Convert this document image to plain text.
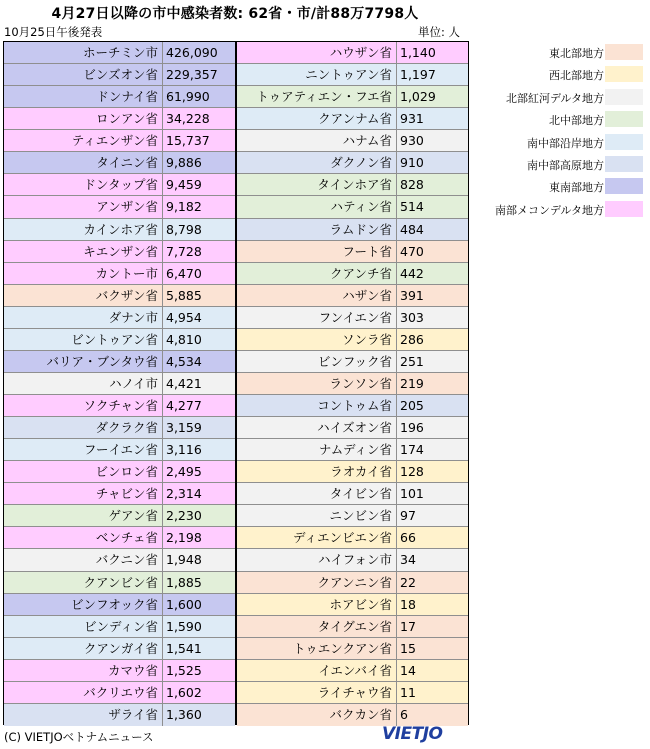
4月27日以降の市中感染者数: 62省・市/計88万7798人
10月25日午後発表	単位: 人
ホーチミン市 426,090
ビンズオン省 229,357
ドンナイ省 61,990
ロンアン省 34,228
ティエンザン省 15,737
タイニン省 9,886
ドンタップ省 9,459
アンザン省 9,182
カインホア省 8,798
キエンザン省 7,728
カントー市 6,470
バクザン省 5,885
ダナン市 4,954
ビントゥアン省 4,810
バリア・ブンタウ省 4,534
ハノイ市 4,421
ソクチャン省 4,277
ダクラク省 3,159
フーイエン省 3,116
ビンロン省 2,495
チャビン省 2,314
ゲアン省 2,230
ベンチェ省 2,198
バクニン省 1,948
クアンビン省 1,885
ビンフオック省 1,600
ビンディン省 1,590
クアンガイ省 1,541
カマウ省 1,525
バクリエウ省 1,602
ザライ省 1,360
ハウザン省 1,140
ニントゥアン省 1,197
トゥアティエン・フエ省 1,029
クアンナム省 931
ハナム省 930
ダクノン省 910
タインホア省 828
ハティン省 514
ラムドン省 484
フート省 470
クアンチ省 442
ハザン省 391
フンイエン省 303
ソンラ省 286
ビンフック省 251
ランソン省 219
コントゥム省 205
ハイズオン省 196
ナムディン省 174
ラオカイ省 128
タイビン省 101
ニンビン省 97
ディエンビエン省 66
ハイフォン市 34
クアンニン省 22
ホアビン省 18
タイグエン省 17
トゥエンクアン省 15
イエンバイ省 14
ライチャウ省 11
バクカン省 6
東北部地方
西北部地方
北部紅河デルタ地方
北中部地方
南中部沿岸地方
南中部高原地方
東南部地方
南部メコンデルタ地方
(C) VIETJOベトナムニュース	VIETJO
